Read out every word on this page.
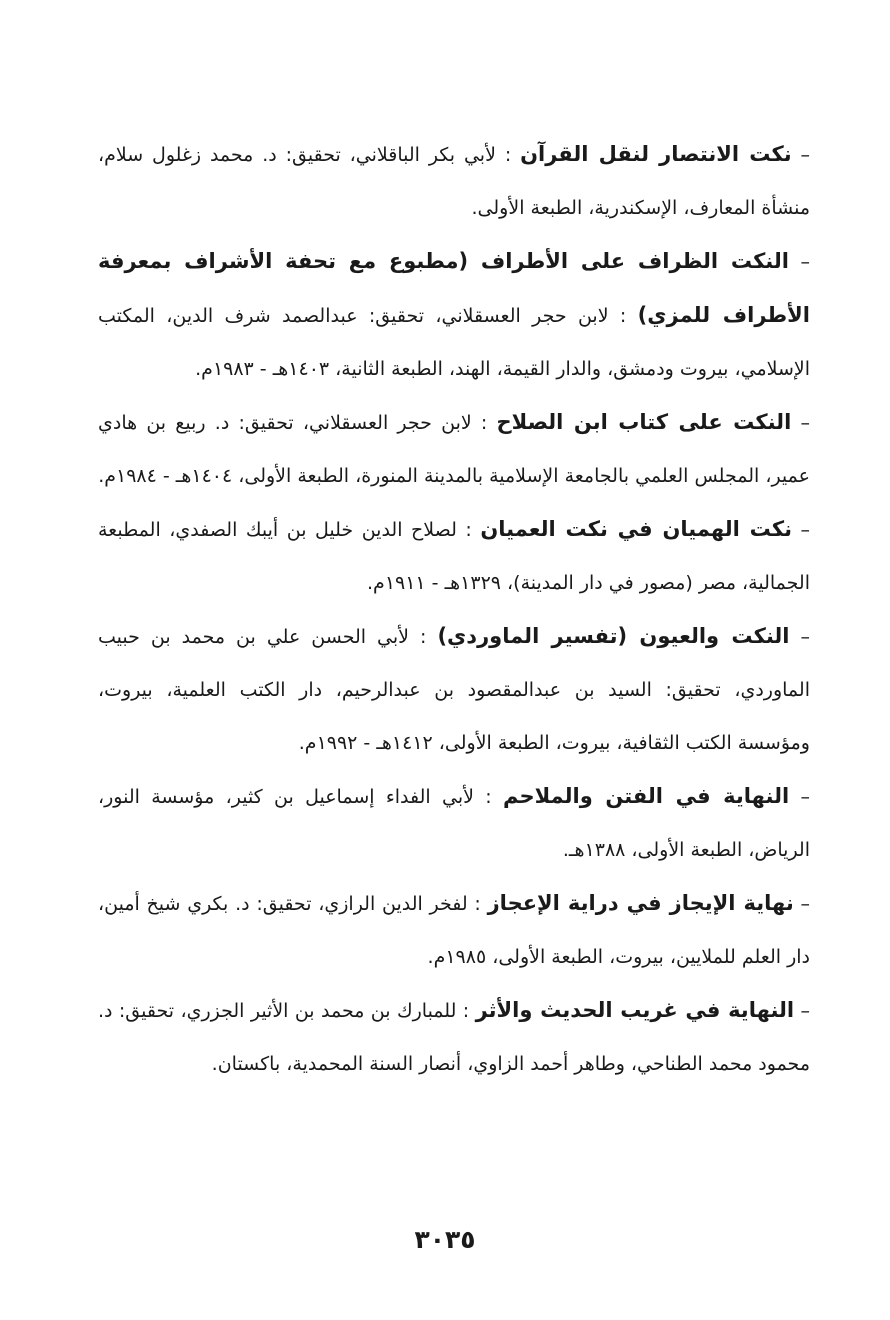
– نكت الانتصار لنقل القرآن : لأبي بكر الباقلاني، تحقيق: د. محمد زغلول سلام، منشأة المعارف، الإسكندرية، الطبعة الأولى.
– النكت الظراف على الأطراف (مطبوع مع تحفة الأشراف بمعرفة الأطراف للمزي) : لابن حجر العسقلاني، تحقيق: عبدالصمد شرف الدين، المكتب الإسلامي، بيروت ودمشق، والدار القيمة، الهند، الطبعة الثانية، ١٤٠٣هـ - ١٩٨٣م.
– النكت على كتاب ابن الصلاح : لابن حجر العسقلاني، تحقيق: د. ربيع بن هادي عمير، المجلس العلمي بالجامعة الإسلامية بالمدينة المنورة، الطبعة الأولى، ١٤٠٤هـ - ١٩٨٤م.
– نكت الهميان في نكت العميان : لصلاح الدين خليل بن أيبك الصفدي، المطبعة الجمالية، مصر (مصور في دار المدينة)، ١٣٢٩هـ - ١٩١١م.
– النكت والعيون (تفسير الماوردي) : لأبي الحسن علي بن محمد بن حبيب الماوردي، تحقيق: السيد بن عبدالمقصود بن عبدالرحيم، دار الكتب العلمية، بيروت، ومؤسسة الكتب الثقافية، بيروت، الطبعة الأولى، ١٤١٢هـ - ١٩٩٢م.
– النهاية في الفتن والملاحم : لأبي الفداء إسماعيل بن كثير، مؤسسة النور، الرياض، الطبعة الأولى، ١٣٨٨هـ.
– نهاية الإيجاز في دراية الإعجاز : لفخر الدين الرازي، تحقيق: د. بكري شيخ أمين، دار العلم للملايين، بيروت، الطبعة الأولى، ١٩٨٥م.
– النهاية في غريب الحديث والأثر : للمبارك بن محمد بن الأثير الجزري، تحقيق: د. محمود محمد الطناحي، وطاهر أحمد الزاوي، أنصار السنة المحمدية، باكستان.
٣٠٣٥
